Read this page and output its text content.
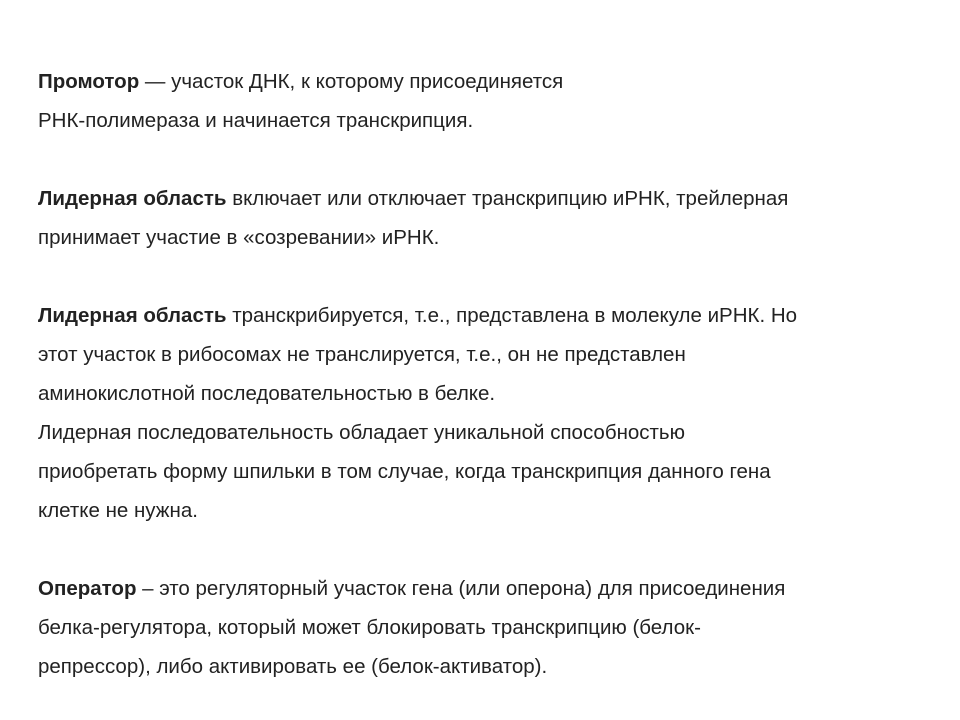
Промотор — участок ДНК, к которому присоединяется
РНК-полимераза и начинается транскрипция.
Лидерная область включает или отключает транскрипцию иРНК, трейлерная
принимает участие в «созревании» иРНК.
Лидерная область транскрибируется, т.е., представлена в молекуле иРНК. Но
этот участок в рибосомах не транслируется, т.е., он не представлен
аминокислотной последовательностью в белке.
Лидерная последовательность обладает уникальной способностью
приобретать форму шпильки в том случае, когда транскрипция данного гена
клетке не нужна.
Оператор – это регуляторный участок гена (или оперона) для присоединения
белка-регулятора, который может блокировать транскрипцию (белок-
репрессор), либо активировать ее (белок-активатор).
